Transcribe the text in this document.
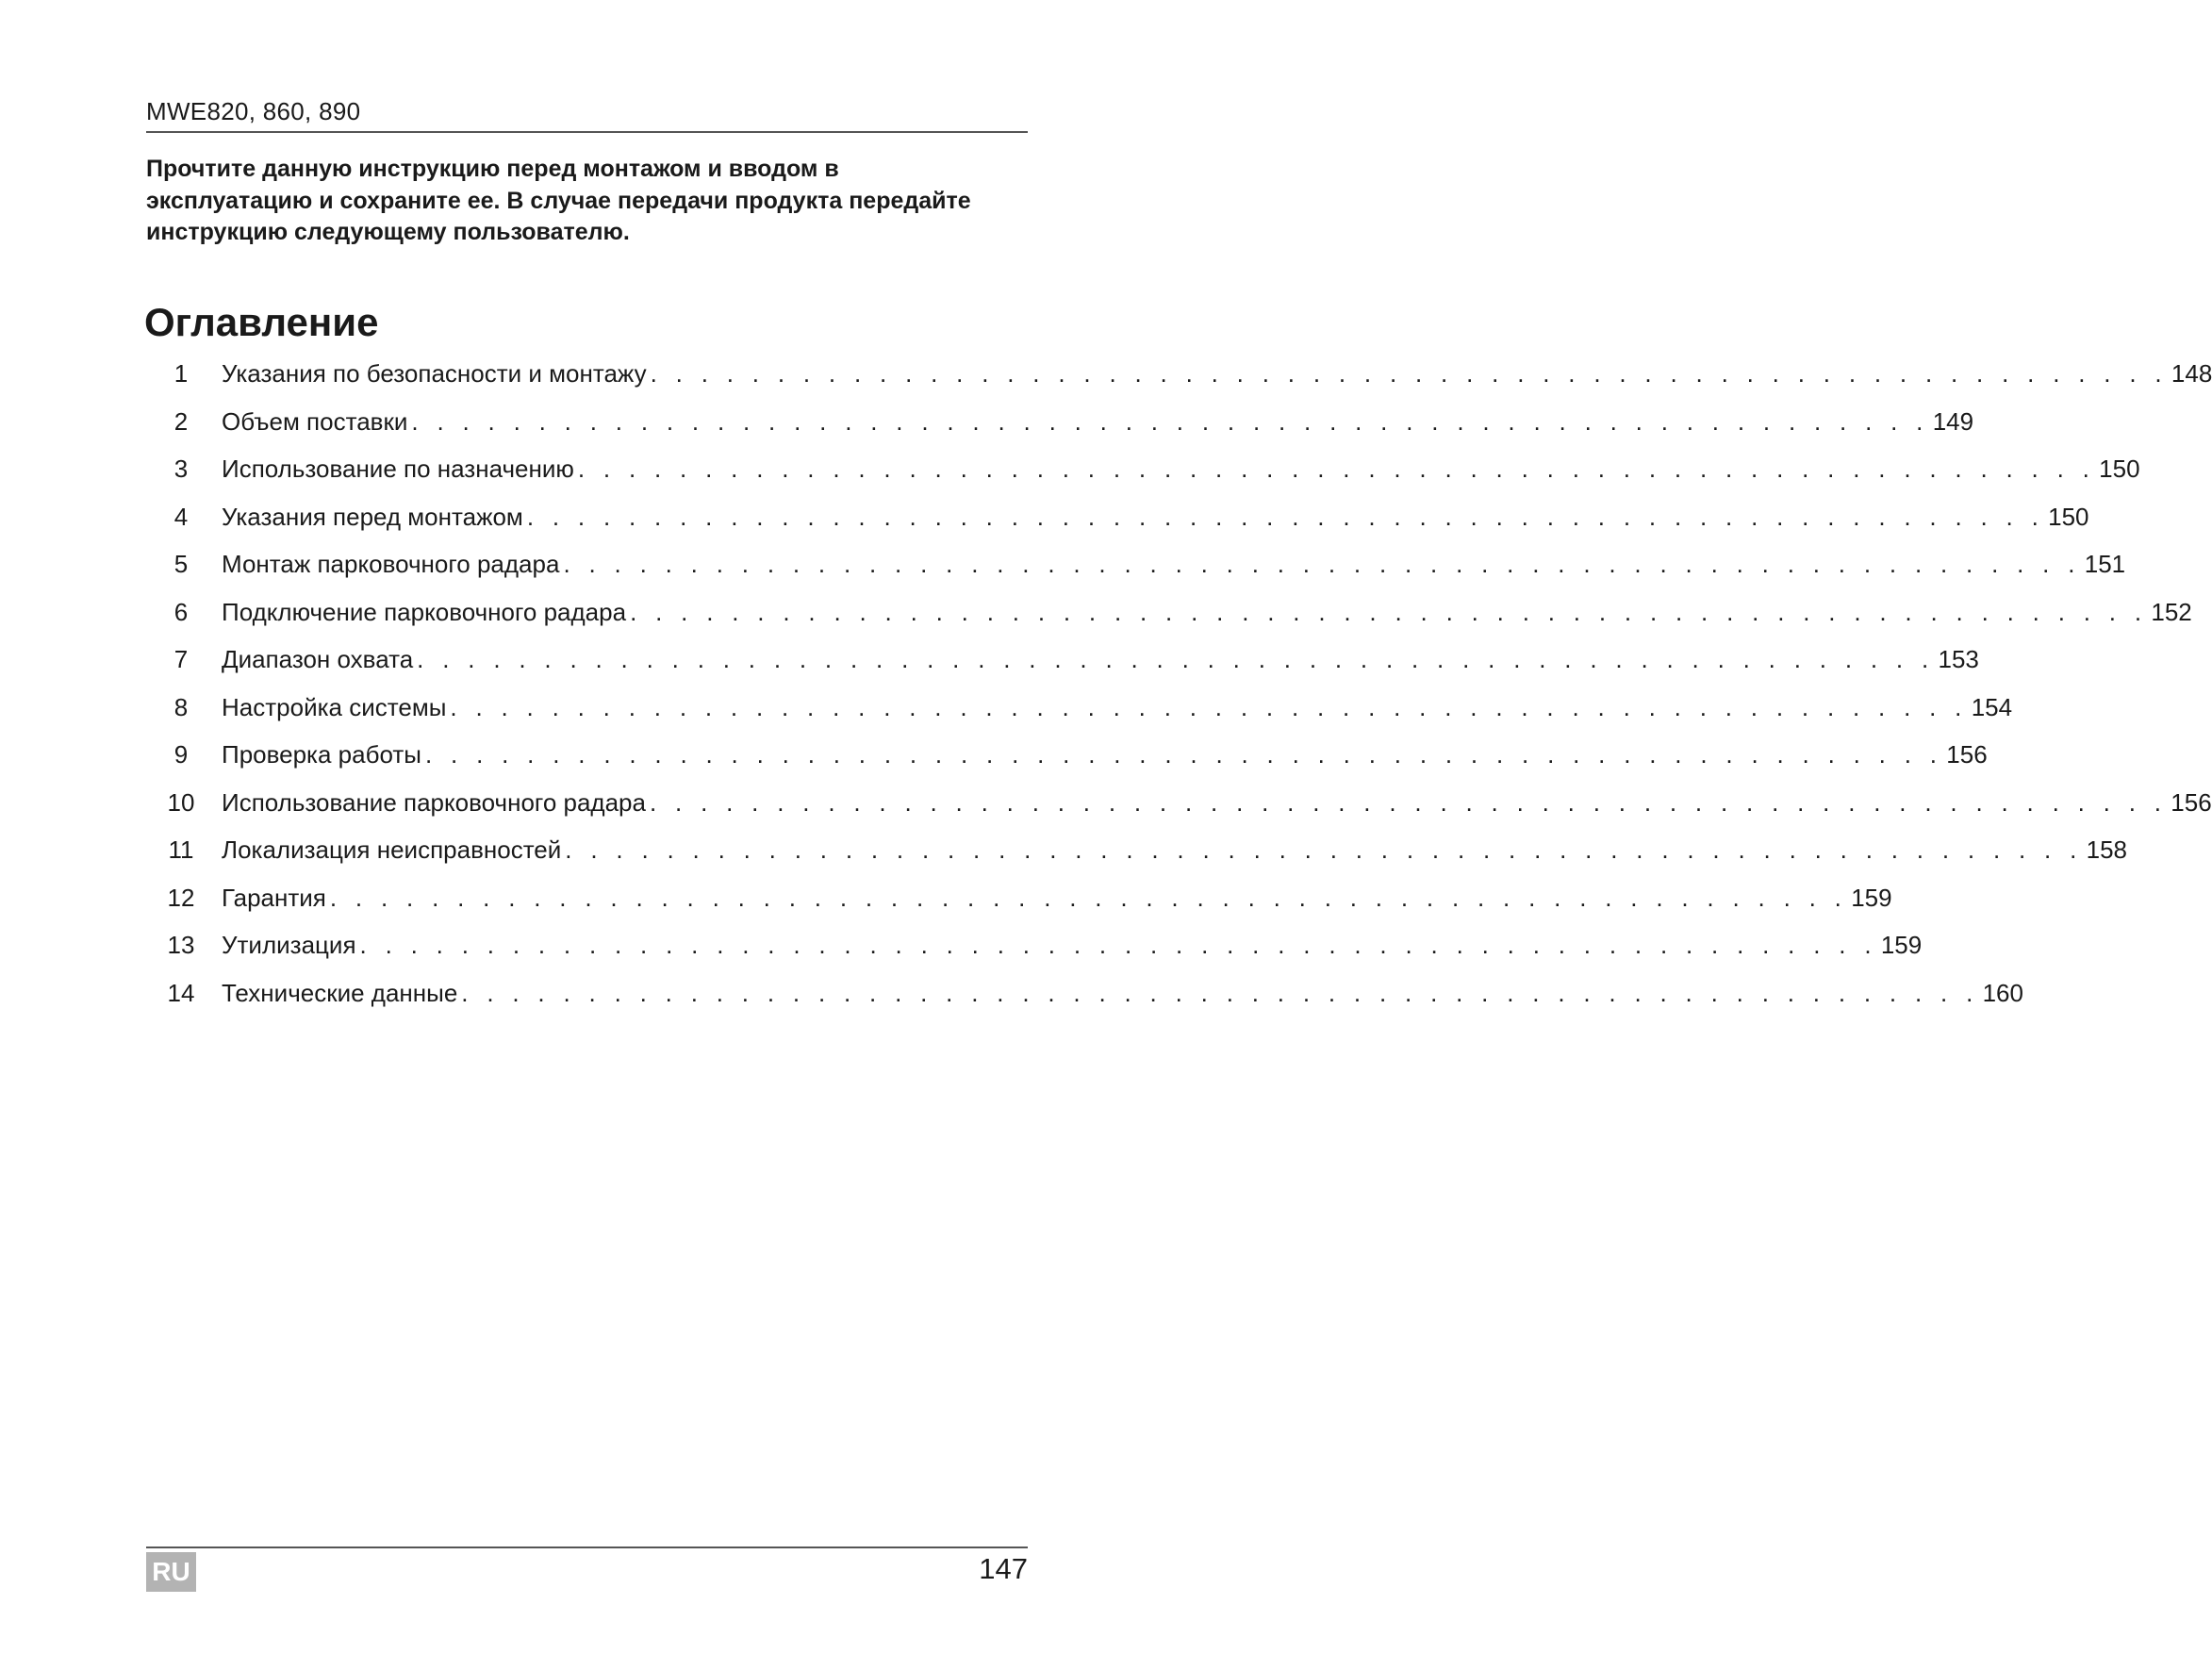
MWE820, 860, 890
Прочтите данную инструкцию перед монтажом и вводом в эксплуатацию и сохраните ее. В случае передачи продукта передайте инструкцию следующему пользователю.
Оглавление
1	Указания по безопасности и монтажу . . . . . . . . . . . . . . . . . . . . . . . . . . . . . . . . . . . . . . . . . . . . . . . . . . . . . . . . . . . . 148
2	Объем поставки . . . . . . . . . . . . . . . . . . . . . . . . . . . . . . . . . . . . . . . . . . . . . . . . . . . . . . . . . . . . 149
3	Использование по назначению . . . . . . . . . . . . . . . . . . . . . . . . . . . . . . . . . . . . . . . . . . . . . . . . . . . . . . . . . . . . 150
4	Указания перед монтажом . . . . . . . . . . . . . . . . . . . . . . . . . . . . . . . . . . . . . . . . . . . . . . . . . . . . . . . . . . . . 150
5	Монтаж парковочного радара . . . . . . . . . . . . . . . . . . . . . . . . . . . . . . . . . . . . . . . . . . . . . . . . . . . . . . . . . . . . 151
6	Подключение парковочного радара . . . . . . . . . . . . . . . . . . . . . . . . . . . . . . . . . . . . . . . . . . . . . . . . . . . . . . . . . . . . 152
7	Диапазон охвата . . . . . . . . . . . . . . . . . . . . . . . . . . . . . . . . . . . . . . . . . . . . . . . . . . . . . . . . . . . . 153
8	Настройка системы . . . . . . . . . . . . . . . . . . . . . . . . . . . . . . . . . . . . . . . . . . . . . . . . . . . . . . . . . . . . 154
9	Проверка работы . . . . . . . . . . . . . . . . . . . . . . . . . . . . . . . . . . . . . . . . . . . . . . . . . . . . . . . . . . . . 156
10	Использование парковочного радара . . . . . . . . . . . . . . . . . . . . . . . . . . . . . . . . . . . . . . . . . . . . . . . . . . . . . . . . . . . . 156
11	Локализация неисправностей . . . . . . . . . . . . . . . . . . . . . . . . . . . . . . . . . . . . . . . . . . . . . . . . . . . . . . . . . . . . 158
12	Гарантия . . . . . . . . . . . . . . . . . . . . . . . . . . . . . . . . . . . . . . . . . . . . . . . . . . . . . . . . . . . . 159
13	Утилизация . . . . . . . . . . . . . . . . . . . . . . . . . . . . . . . . . . . . . . . . . . . . . . . . . . . . . . . . . . . . 159
14	Технические данные . . . . . . . . . . . . . . . . . . . . . . . . . . . . . . . . . . . . . . . . . . . . . . . . . . . . . . . . . . . . 160
RU	147
